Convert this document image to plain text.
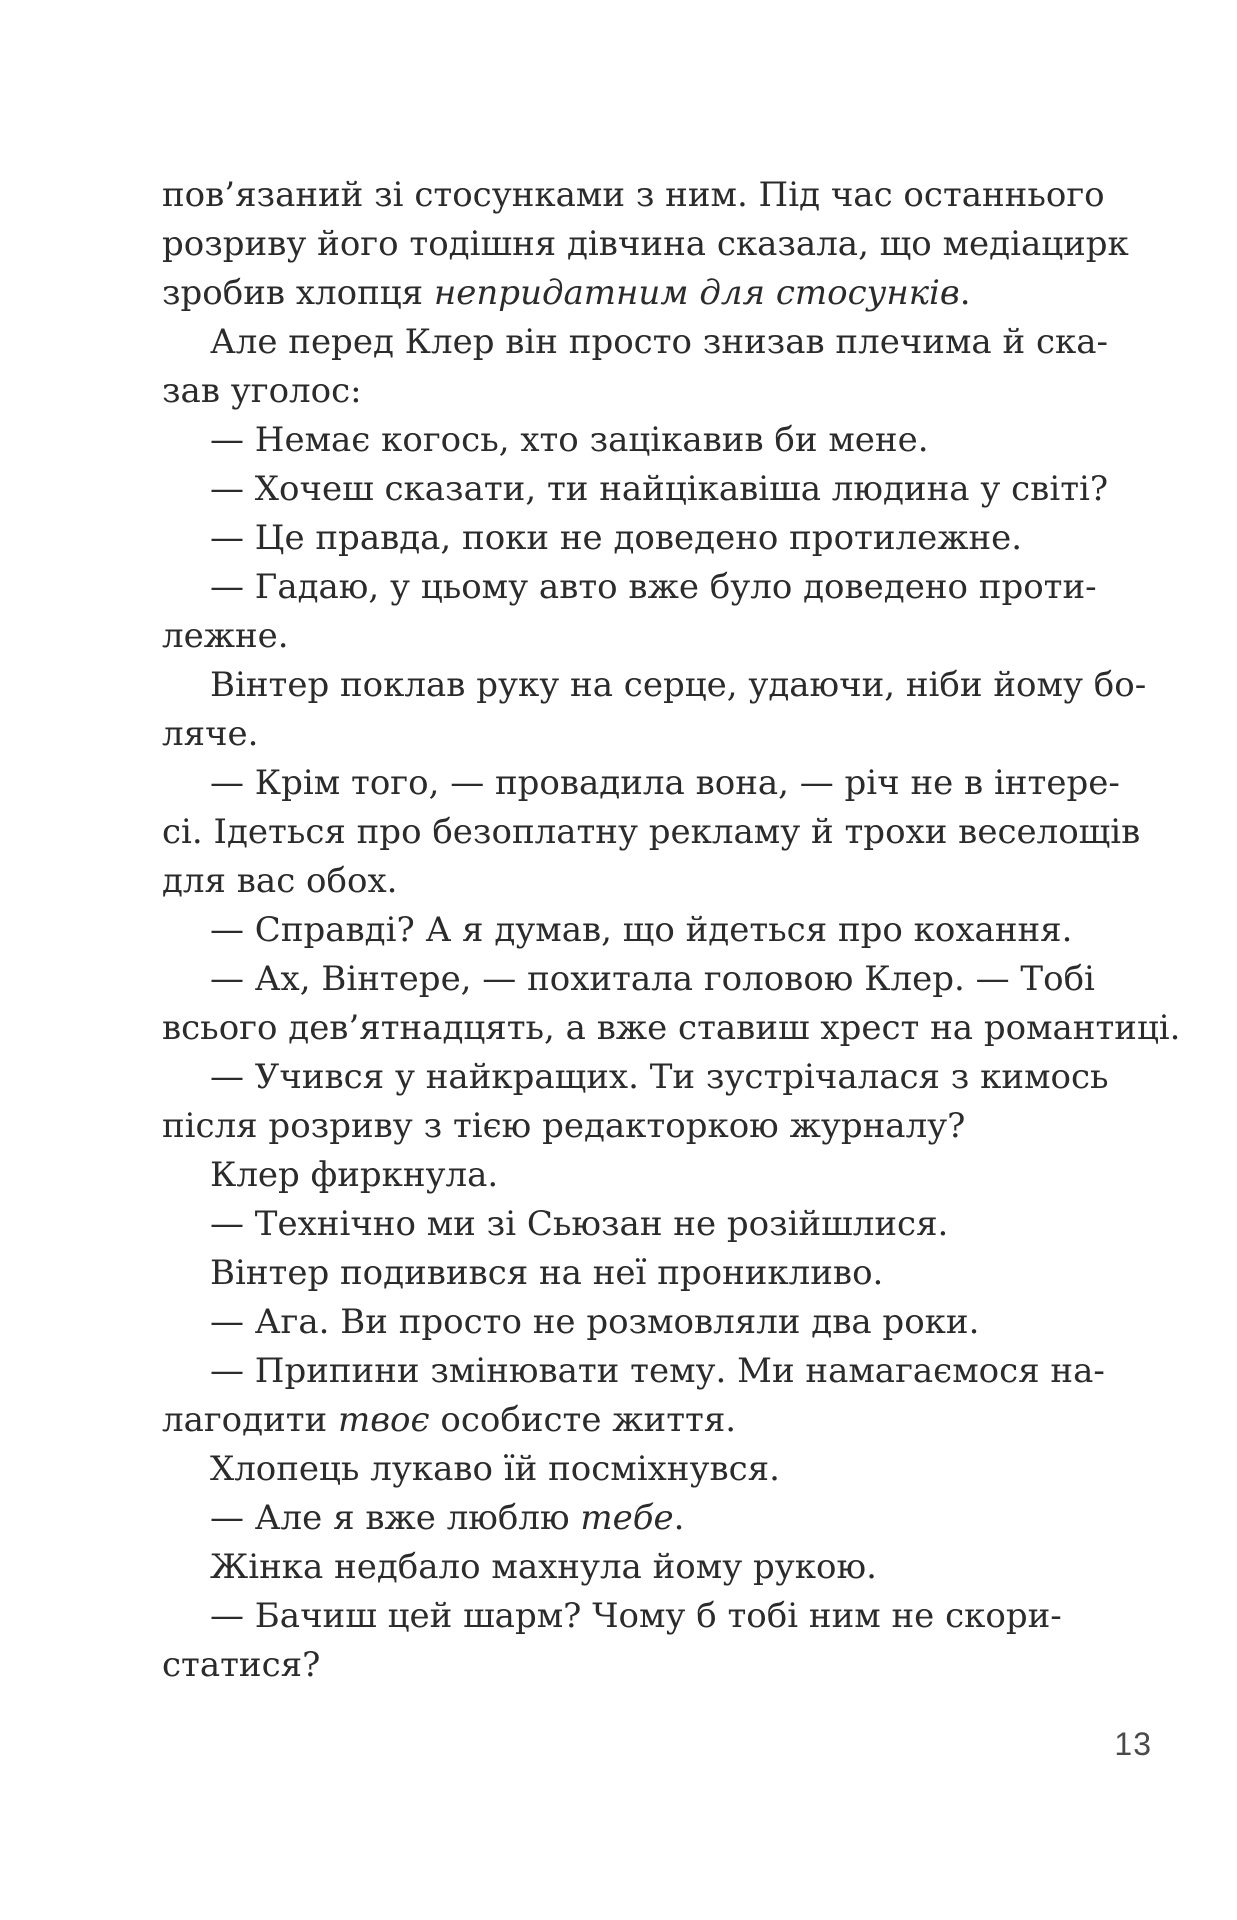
пов’язаний зі стосунками з ним. Під час останнього
розриву його тодішня дівчина сказала, що медіацирк
зробив хлопця непридатним для стосунків.
Але перед Клер він просто знизав плечима й ска-
зав уголос:
— Немає когось, хто зацікавив би мене.
— Хочеш сказати, ти найцікавіша людина у світі?
— Це правда, поки не доведено протилежне.
— Гадаю, у цьому авто вже було доведено проти-
лежне.
Вінтер поклав руку на серце, удаючи, ніби йому бо-
ляче.
— Крім того, — провадила вона, — річ не в інтере-
сі. Ідеться про безоплатну рекламу й трохи веселощів
для вас обох.
— Справді? А я думав, що йдеться про кохання.
— Ах, Вінтере, — похитала головою Клер. — Тобі
всього дев’ятнадцять, а вже ставиш хрест на романтиці.
— Учився у найкращих. Ти зустрічалася з кимось
після розриву з тією редакторкою журналу?
Клер фиркнула.
— Технічно ми зі Сьюзан не розійшлися.
Вінтер подивився на неї проникливо.
— Ага. Ви просто не розмовляли два роки.
— Припини змінювати тему. Ми намагаємося на-
лагодити твоє особисте життя.
Хлопець лукаво їй посміхнувся.
— Але я вже люблю тебе.
Жінка недбало махнула йому рукою.
— Бачиш цей шарм? Чому б тобі ним не скори-
статися?
13
